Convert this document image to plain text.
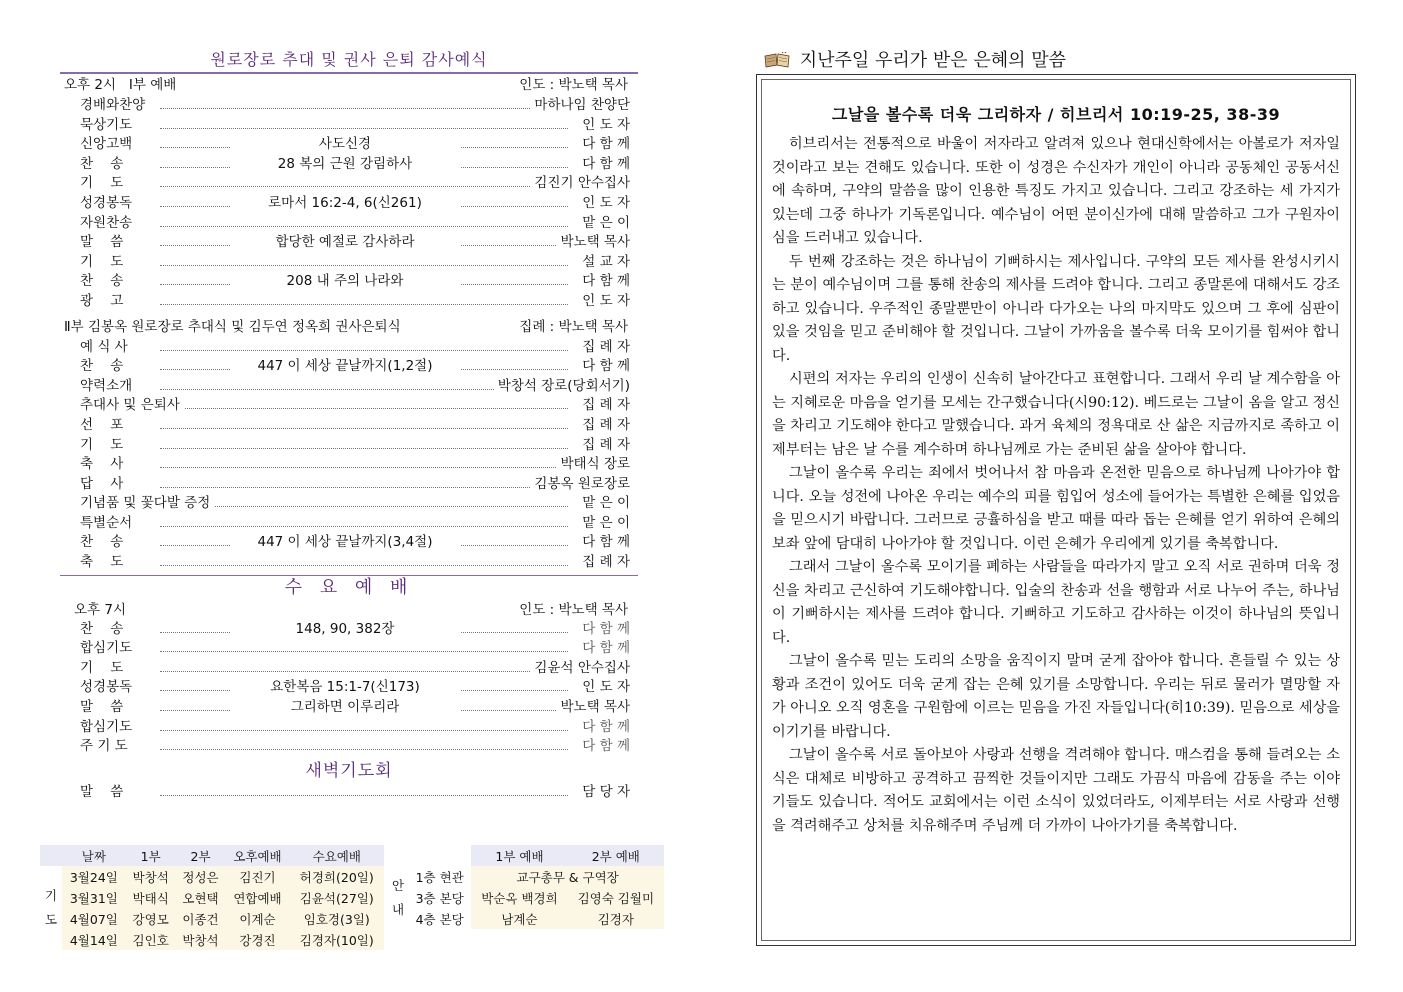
원로장로 추대 및 권사 은퇴 감사예식
오후 2시   Ⅰ부 예배	인도 : 박노택 목사
경배와찬양	마하나임 찬양단
묵상기도	인 도 자
신앙고백	사도신경	다 함 께
찬    송	28 복의 근원 강림하사	다 함 께
기    도	김진기 안수집사
성경봉독	로마서 16:2-4, 6(신261)	인 도 자
자원찬송	맡 은 이
말    씀	합당한 예절로 감사하라	박노택 목사
기    도	설 교 자
찬    송	208 내 주의 나라와	다 함 께
광    고	인 도 자
Ⅱ부 김봉옥 원로장로 추대식 및 김두연 정옥희 권사은퇴식	집례 : 박노택 목사
예 식 사	집 례 자
찬    송	447 이 세상 끝날까지(1,2절)	다 함 께
약력소개	박창석 장로(당회서기)
추대사 및 은퇴사	집 례 자
선    포	집 례 자
기    도	집 례 자
축    사	박태식 장로
답    사	김봉옥 원로장로
기념품 및 꽃다발 증정	맡 은 이
특별순서	맡 은 이
찬    송	447 이 세상 끝날까지(3,4절)	다 함 께
축    도	집 례 자
수 요 예 배
오후 7시	인도 : 박노택 목사
찬    송	148, 90, 382장	다 함 께
합심기도	다 함 께
기    도	김윤석 안수집사
성경봉독	요한복음 15:1-7(신173)	인 도 자
말    씀	그리하면 이루리라	박노택 목사
합심기도	다 함 께
주 기 도	다 함 께
새벽기도회
말    씀	담 당 자
	날짜	1부	2부	오후예배	수요예배
기
도	3월24일	박창석	정성은	김진기	허경희(20일)
	3월31일	박태식	오현택	연합예배	김윤석(27일)
	4월07일	강영모	이종건	이계순	임호경(3일)
	4월14일	김인호	박창석	강경진	김경자(10일)
		1부 예배	2부 예배
안
내	1층 현관	교구총무 & 구역장	
	3층 본당	박순옥 백경희	김영숙 김월미
	4층 본당	남계순	김경자
지난주일 우리가 받은 은혜의 말씀
그날을 볼수록 더욱 그리하자 / 히브리서 10:19-25, 38-39

히브리서는 전통적으로 바울이 저자라고 알려져 있으나 현대신학에서는 아볼로가 저자일것이라고 보는 견해도 있습니다. 또한 이 성경은 수신자가 개인이 아니라 공동체인 공동서신에 속하며, 구약의 말씀을 많이 인용한 특징도 가지고 있습니다. 그리고 강조하는 세 가지가 있는데 그중 하나가 기독론입니다. 예수님이 어떤 분이신가에 대해 말씀하고 그가 구원자이심을 드러내고 있습니다.

두 번째 강조하는 것은 하나님이 기뻐하시는 제사입니다. 구약의 모든 제사를 완성시키시는 분이 예수님이며 그를 통해 찬송의 제사를 드려야 합니다. 그리고 종말론에 대해서도 강조하고 있습니다. 우주적인 종말뿐만이 아니라 다가오는 나의 마지막도 있으며 그 후에 심판이 있을 것임을 믿고 준비해야 할 것입니다. 그날이 가까움을 볼수록 더욱 모이기를 힘써야 합니다.

시편의 저자는 우리의 인생이 신속히 날아간다고 표현합니다. 그래서 우리 날 계수함을 아는 지혜로운 마음을 얻기를 모세는 간구했습니다(시90:12). 베드로는 그날이 옴을 알고 정신을 차리고 기도해야 한다고 말했습니다. 과거 육체의 정욕대로 산 삶은 지금까지로 족하고 이제부터는 남은 날 수를 계수하며 하나님께로 가는 준비된 삶을 살아야 합니다.

그날이 올수록 우리는 죄에서 벗어나서 참 마음과 온전한 믿음으로 하나님께 나아가야 합니다. 오늘 성전에 나아온 우리는 예수의 피를 힘입어 성소에 들어가는 특별한 은혜를 입었음을 믿으시기 바랍니다. 그러므로 긍휼하심을 받고 때를 따라 돕는 은혜를 얻기 위하여 은혜의 보좌 앞에 담대히 나아가야 할 것입니다. 이런 은혜가 우리에게 있기를 축복합니다.

그래서 그날이 올수록 모이기를 폐하는 사람들을 따라가지 말고 오직 서로 권하며 더욱 정신을 차리고 근신하여 기도해야합니다. 입술의 찬송과 선을 행함과 서로 나누어 주는, 하나님이 기뻐하시는 제사를 드려야 합니다. 기뻐하고 기도하고 감사하는 이것이 하나님의 뜻입니다.

그날이 올수록 믿는 도리의 소망을 움직이지 말며 굳게 잡아야 합니다. 흔들릴 수 있는 상황과 조건이 있어도 더욱 굳게 잡는 은혜 있기를 소망합니다. 우리는 뒤로 물러가 멸망할 자가 아니오 오직 영혼을 구원함에 이르는 믿음을 가진 자들입니다(히10:39). 믿음으로 세상을 이기기를 바랍니다.

그날이 올수록 서로 돌아보아 사랑과 선행을 격려해야 합니다. 매스컴을 통해 들려오는 소식은 대체로 비방하고 공격하고 끔찍한 것들이지만 그래도 가끔식 마음에 감동을 주는 이야기들도 있습니다. 적어도 교회에서는 이런 소식이 있었더라도, 이제부터는 서로 사랑과 선행을 격려해주고 상처를 치유해주며 주님께 더 가까이 나아가기를 축복합니다.
